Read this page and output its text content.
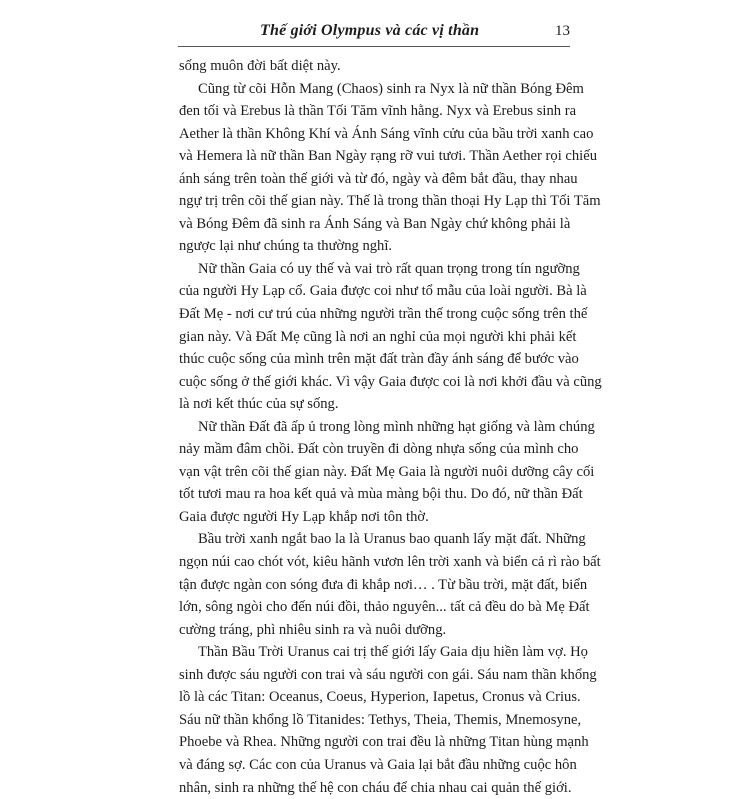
Thế giới Olympus và các vị thần	13
sống muôn đời bất diệt này.
Cũng từ cõi Hỗn Mang (Chaos) sinh ra Nyx là nữ thần Bóng Đêm
đen tối và Erebus là thần Tối Tăm vĩnh hằng. Nyx và Erebus sinh ra
Aether là thần Không Khí và Ánh Sáng vĩnh cửu của bầu trời xanh cao
và Hemera là nữ thần Ban Ngày rạng rỡ vui tươi. Thần Aether rọi chiếu
ánh sáng trên toàn thế giới và từ đó, ngày và đêm bắt đầu, thay nhau
ngự trị trên cõi thế gian này. Thế là trong thần thoại Hy Lạp thì Tối Tăm
và Bóng Đêm đã sinh ra Ánh Sáng và Ban Ngày chứ không phải là
ngược lại như chúng ta thường nghĩ.
Nữ thần Gaia có uy thế và vai trò rất quan trọng trong tín ngưỡng
của người Hy Lạp cổ. Gaia được coi như tổ mẫu của loài người. Bà là
Đất Mẹ - nơi cư trú của những người trần thế trong cuộc sống trên thế
gian này. Và Đất Mẹ cũng là nơi an nghỉ của mọi người khi phải kết
thúc cuộc sống của mình trên mặt đất tràn đầy ánh sáng để bước vào
cuộc sống ở thế giới khác. Vì vậy Gaia được coi là nơi khởi đầu và cũng
là nơi kết thúc của sự sống.
Nữ thần Đất đã ấp ủ trong lòng mình những hạt giống và làm chúng
nảy mầm đâm chồi. Đất còn truyền đi dòng nhựa sống của mình cho
vạn vật trên cõi thế gian này. Đất Mẹ Gaia là người nuôi dưỡng cây cối
tốt tươi mau ra hoa kết quả và mùa màng bội thu. Do đó, nữ thần Đất
Gaia được người Hy Lạp khắp nơi tôn thờ.
Bầu trời xanh ngắt bao la là Uranus bao quanh lấy mặt đất. Những
ngọn núi cao chót vót, kiêu hãnh vươn lên trời xanh và biển cả rì rào bất
tận được ngàn con sóng đưa đi khắp nơi… . Từ bầu trời, mặt đất, biển
lớn, sông ngòi cho đến núi đồi, thảo nguyên... tất cả đều do bà Mẹ Đất
cường tráng, phì nhiêu sinh ra và nuôi dưỡng.
Thần Bầu Trời Uranus cai trị thế giới lấy Gaia dịu hiền làm vợ. Họ
sinh được sáu người con trai và sáu người con gái. Sáu nam thần khổng
lồ là các Titan: Oceanus, Coeus, Hyperion, Iapetus, Cronus và Crius.
Sáu nữ thần khổng lồ Titanides: Tethys, Theia, Themis, Mnemosyne,
Phoebe và Rhea. Những người con trai đều là những Titan hùng mạnh
và đáng sợ. Các con của Uranus và Gaia lại bắt đầu những cuộc hôn
nhân, sinh ra những thế hệ con cháu để chia nhau cai quản thế giới.
